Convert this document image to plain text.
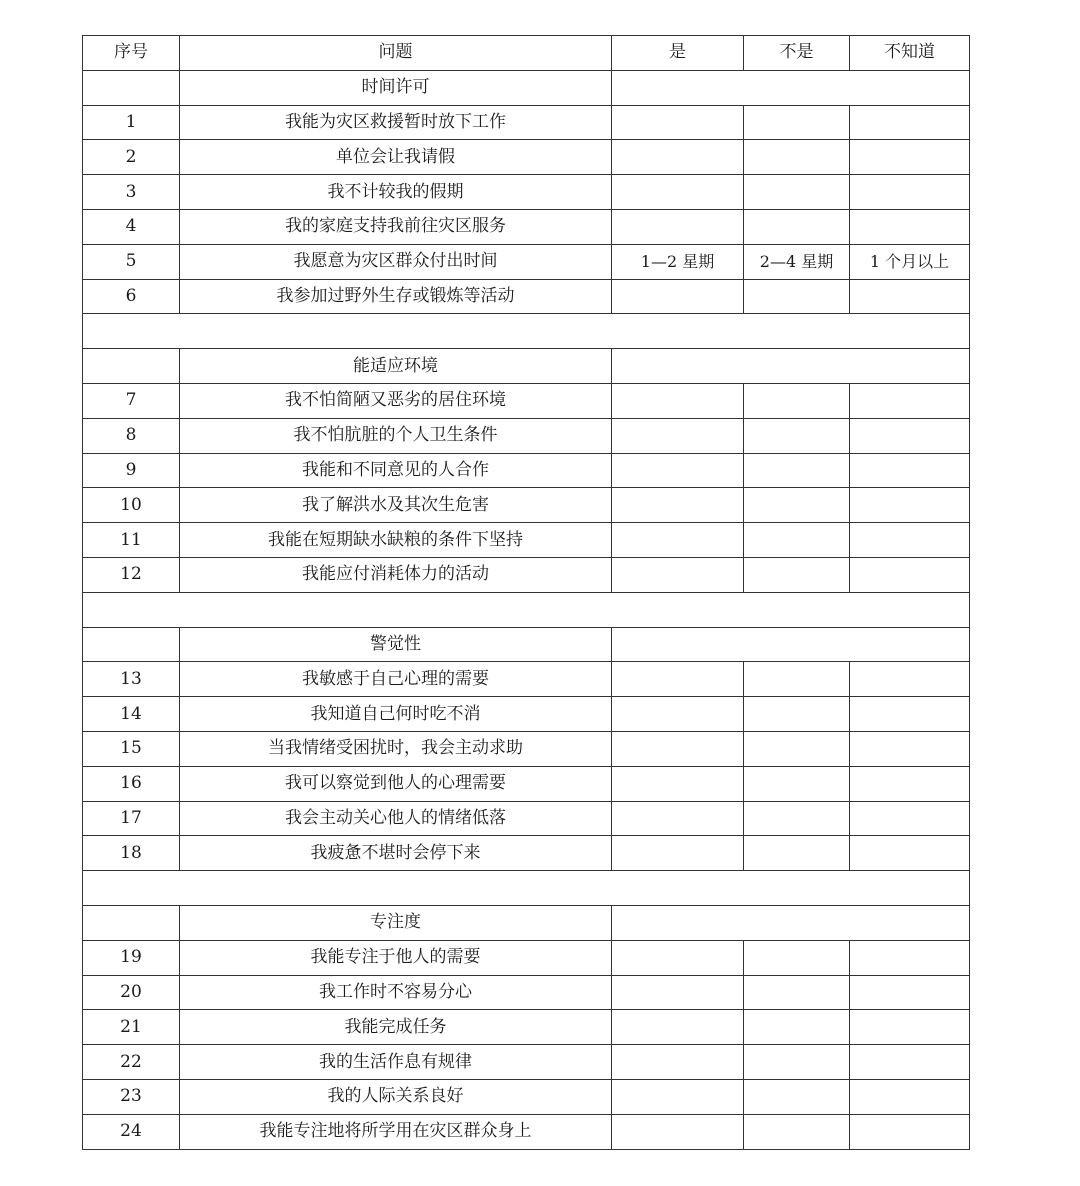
序号	问题	是	不是	不知道
	时间许可			
1	我能为灾区救援暂时放下工作			
2	单位会让我请假			
3	我不计较我的假期			
4	我的家庭支持我前往灾区服务			
5	我愿意为灾区群众付出时间	1—2 星期	2—4 星期	1 个月以上
6	我参加过野外生存或锻炼等活动			

	能适应环境			
7	我不怕简陋又恶劣的居住环境			
8	我不怕肮脏的个人卫生条件			
9	我能和不同意见的人合作			
10	我了解洪水及其次生危害			
11	我能在短期缺水缺粮的条件下坚持			
12	我能应付消耗体力的活动			

	警觉性			
13	我敏感于自己心理的需要			
14	我知道自己何时吃不消			
15	当我情绪受困扰时，我会主动求助			
16	我可以察觉到他人的心理需要			
17	我会主动关心他人的情绪低落			
18	我疲惫不堪时会停下来			

	专注度			
19	我能专注于他人的需要			
20	我工作时不容易分心			
21	我能完成任务			
22	我的生活作息有规律			
23	我的人际关系良好			
24	我能专注地将所学用在灾区群众身上			
